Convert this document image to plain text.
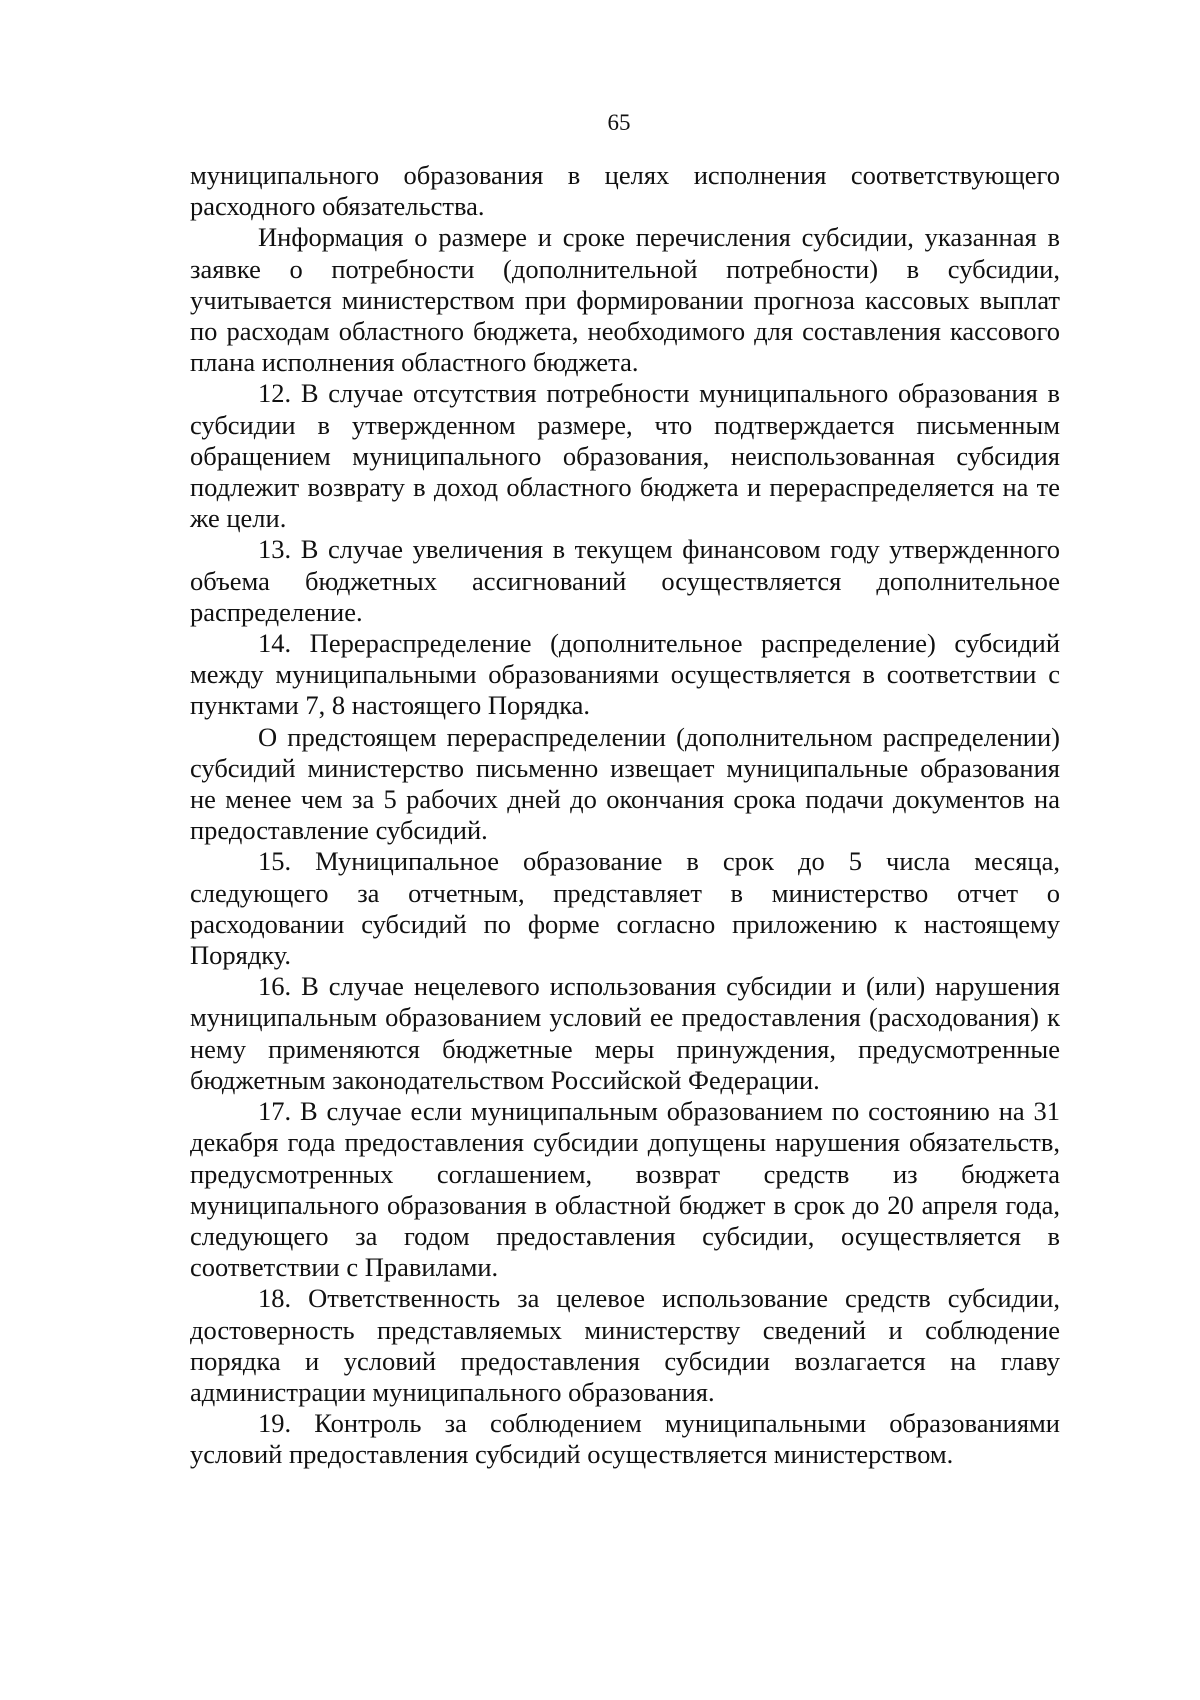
65

муниципального образования в целях исполнения соответствующего расходного обязательства.

Информация о размере и сроке перечисления субсидии, указанная в заявке о потребности (дополнительной потребности) в субсидии, учитывается министерством при формировании прогноза кассовых выплат по расходам областного бюджета, необходимого для составления кассового плана исполнения областного бюджета.

12. В случае отсутствия потребности муниципального образования в субсидии в утвержденном размере, что подтверждается письменным обращением муниципального образования, неиспользованная субсидия подлежит возврату в доход областного бюджета и перераспределяется на те же цели.

13. В случае увеличения в текущем финансовом году утвержденного объема бюджетных ассигнований осуществляется дополнительное распределение.

14. Перераспределение (дополнительное распределение) субсидий между муниципальными образованиями осуществляется в соответствии с пунктами 7, 8 настоящего Порядка.

О предстоящем перераспределении (дополнительном распределении) субсидий министерство письменно извещает муниципальные образования не менее чем за 5 рабочих дней до окончания срока подачи документов на предоставление субсидий.

15. Муниципальное образование в срок до 5 числа месяца, следующего за отчетным, представляет в министерство отчет о расходовании субсидий по форме согласно приложению к настоящему Порядку.

16. В случае нецелевого использования субсидии и (или) нарушения муниципальным образованием условий ее предоставления (расходования) к нему применяются бюджетные меры принуждения, предусмотренные бюджетным законодательством Российской Федерации.

17. В случае если муниципальным образованием по состоянию на 31 декабря года предоставления субсидии допущены нарушения обязательств, предусмотренных соглашением, возврат средств из бюджета муниципального образования в областной бюджет в срок до 20 апреля года, следующего за годом предоставления субсидии, осуществляется в соответствии с Правилами.

18. Ответственность за целевое использование средств субсидии, достоверность представляемых министерству сведений и соблюдение порядка и условий предоставления субсидии возлагается на главу администрации муниципального образования.

19. Контроль за соблюдением муниципальными образованиями условий предоставления субсидий осуществляется министерством.
